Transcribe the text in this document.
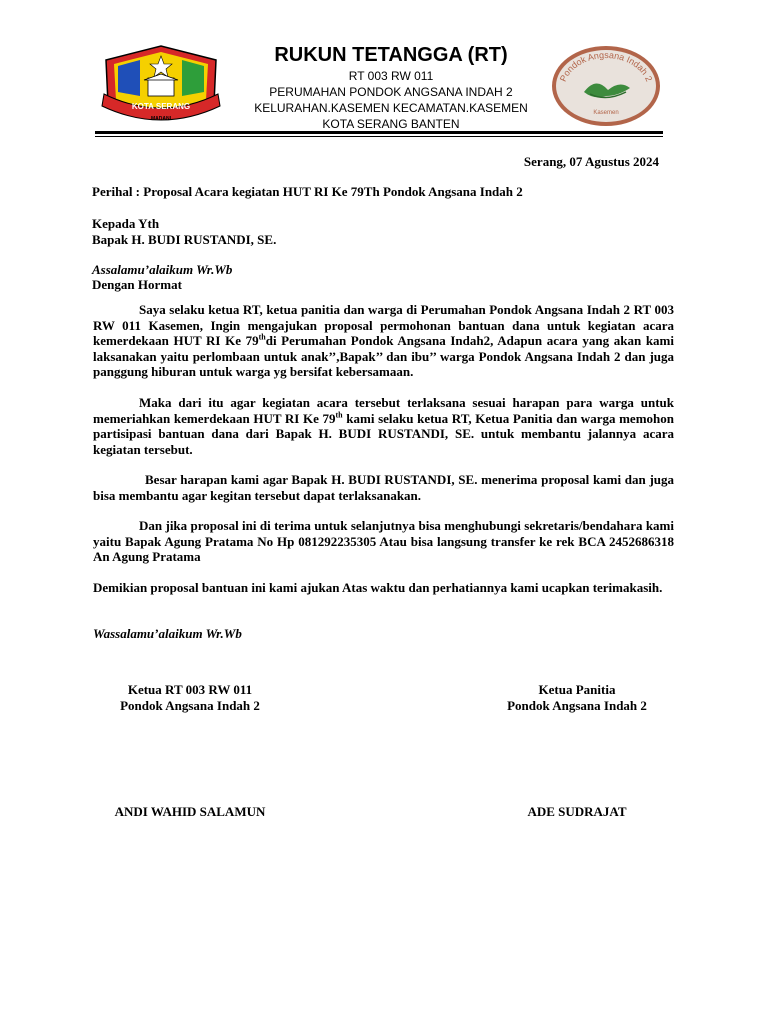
KOTA SERANG
MADANI
RUKUN TETANGGA (RT)
RT 003 RW 011
PERUMAHAN PONDOK ANGSANA INDAH 2
KELURAHAN.KASEMEN KECAMATAN.KASEMEN
KOTA SERANG BANTEN
Pondok Angsana Indah 2
Kasemen
Serang, 07 Agustus 2024
Perihal : Proposal Acara kegiatan HUT RI Ke 79Th Pondok Angsana Indah 2
Kepada Yth
Bapak H. BUDI RUSTANDI, SE.
Assalamu’alaikum Wr.Wb
Dengan Hormat
Saya selaku ketua RT, ketua panitia dan warga di Perumahan Pondok Angsana Indah 2 RT 003 RW 011 Kasemen, Ingin mengajukan proposal permohonan bantuan dana untuk kegiatan acara kemerdekaan HUT RI Ke 79thdi Perumahan Pondok Angsana Indah2, Adapun acara yang akan kami laksanakan yaitu perlombaan untuk anak’’,Bapak’’ dan ibu’’ warga Pondok Angsana Indah 2 dan juga panggung hiburan untuk warga yg bersifat kebersamaan.
Maka dari itu agar kegiatan acara tersebut terlaksana sesuai harapan para warga untuk memeriahkan kemerdekaan HUT RI Ke 79th kami selaku ketua RT, Ketua Panitia dan warga memohon partisipasi bantuan dana dari Bapak H. BUDI RUSTANDI, SE. untuk membantu jalannya acara kegiatan tersebut.
Besar harapan kami agar Bapak H. BUDI RUSTANDI, SE. menerima proposal kami dan juga bisa membantu agar kegitan tersebut dapat terlaksanakan.
Dan jika proposal ini di terima untuk selanjutnya bisa menghubungi sekretaris/bendahara kami yaitu Bapak Agung Pratama No Hp 081292235305 Atau bisa langsung transfer ke rek BCA 2452686318 An Agung Pratama
Demikian proposal bantuan ini kami ajukan Atas waktu dan perhatiannya kami ucapkan terimakasih.
Wassalamu’alaikum Wr.Wb
Ketua RT 003 RW 011
Pondok Angsana Indah 2
Ketua Panitia
Pondok Angsana Indah 2
ANDI WAHID SALAMUN	ADE SUDRAJAT
